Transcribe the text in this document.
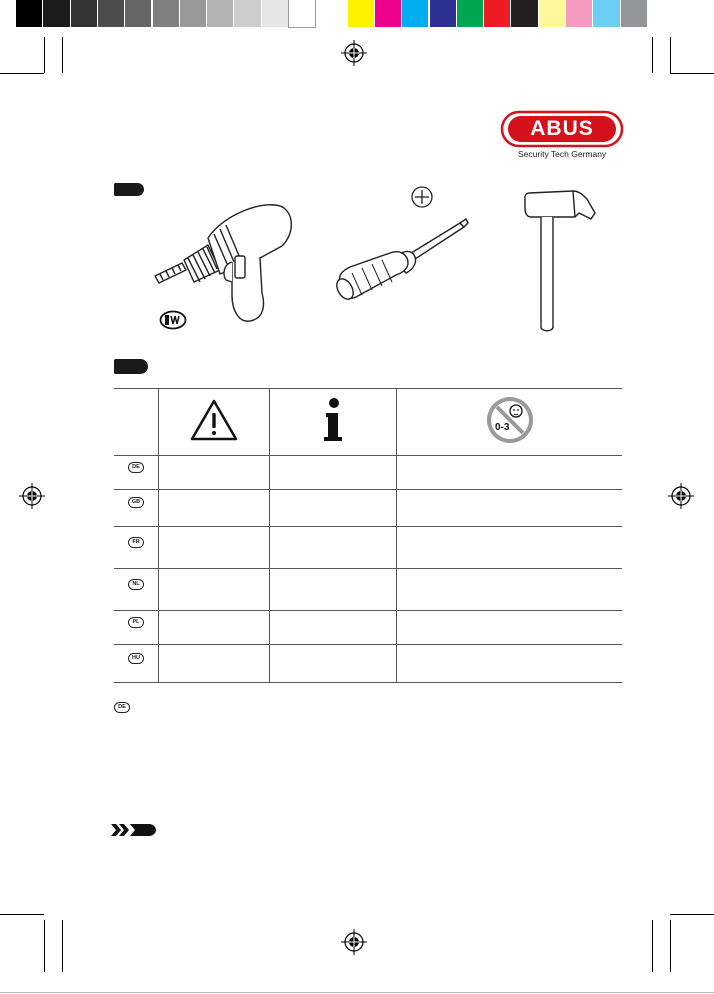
ABUS
Security Tech Germany

0-3

DE			
GB			
FR			
NL			
PL			
HU			
DE
